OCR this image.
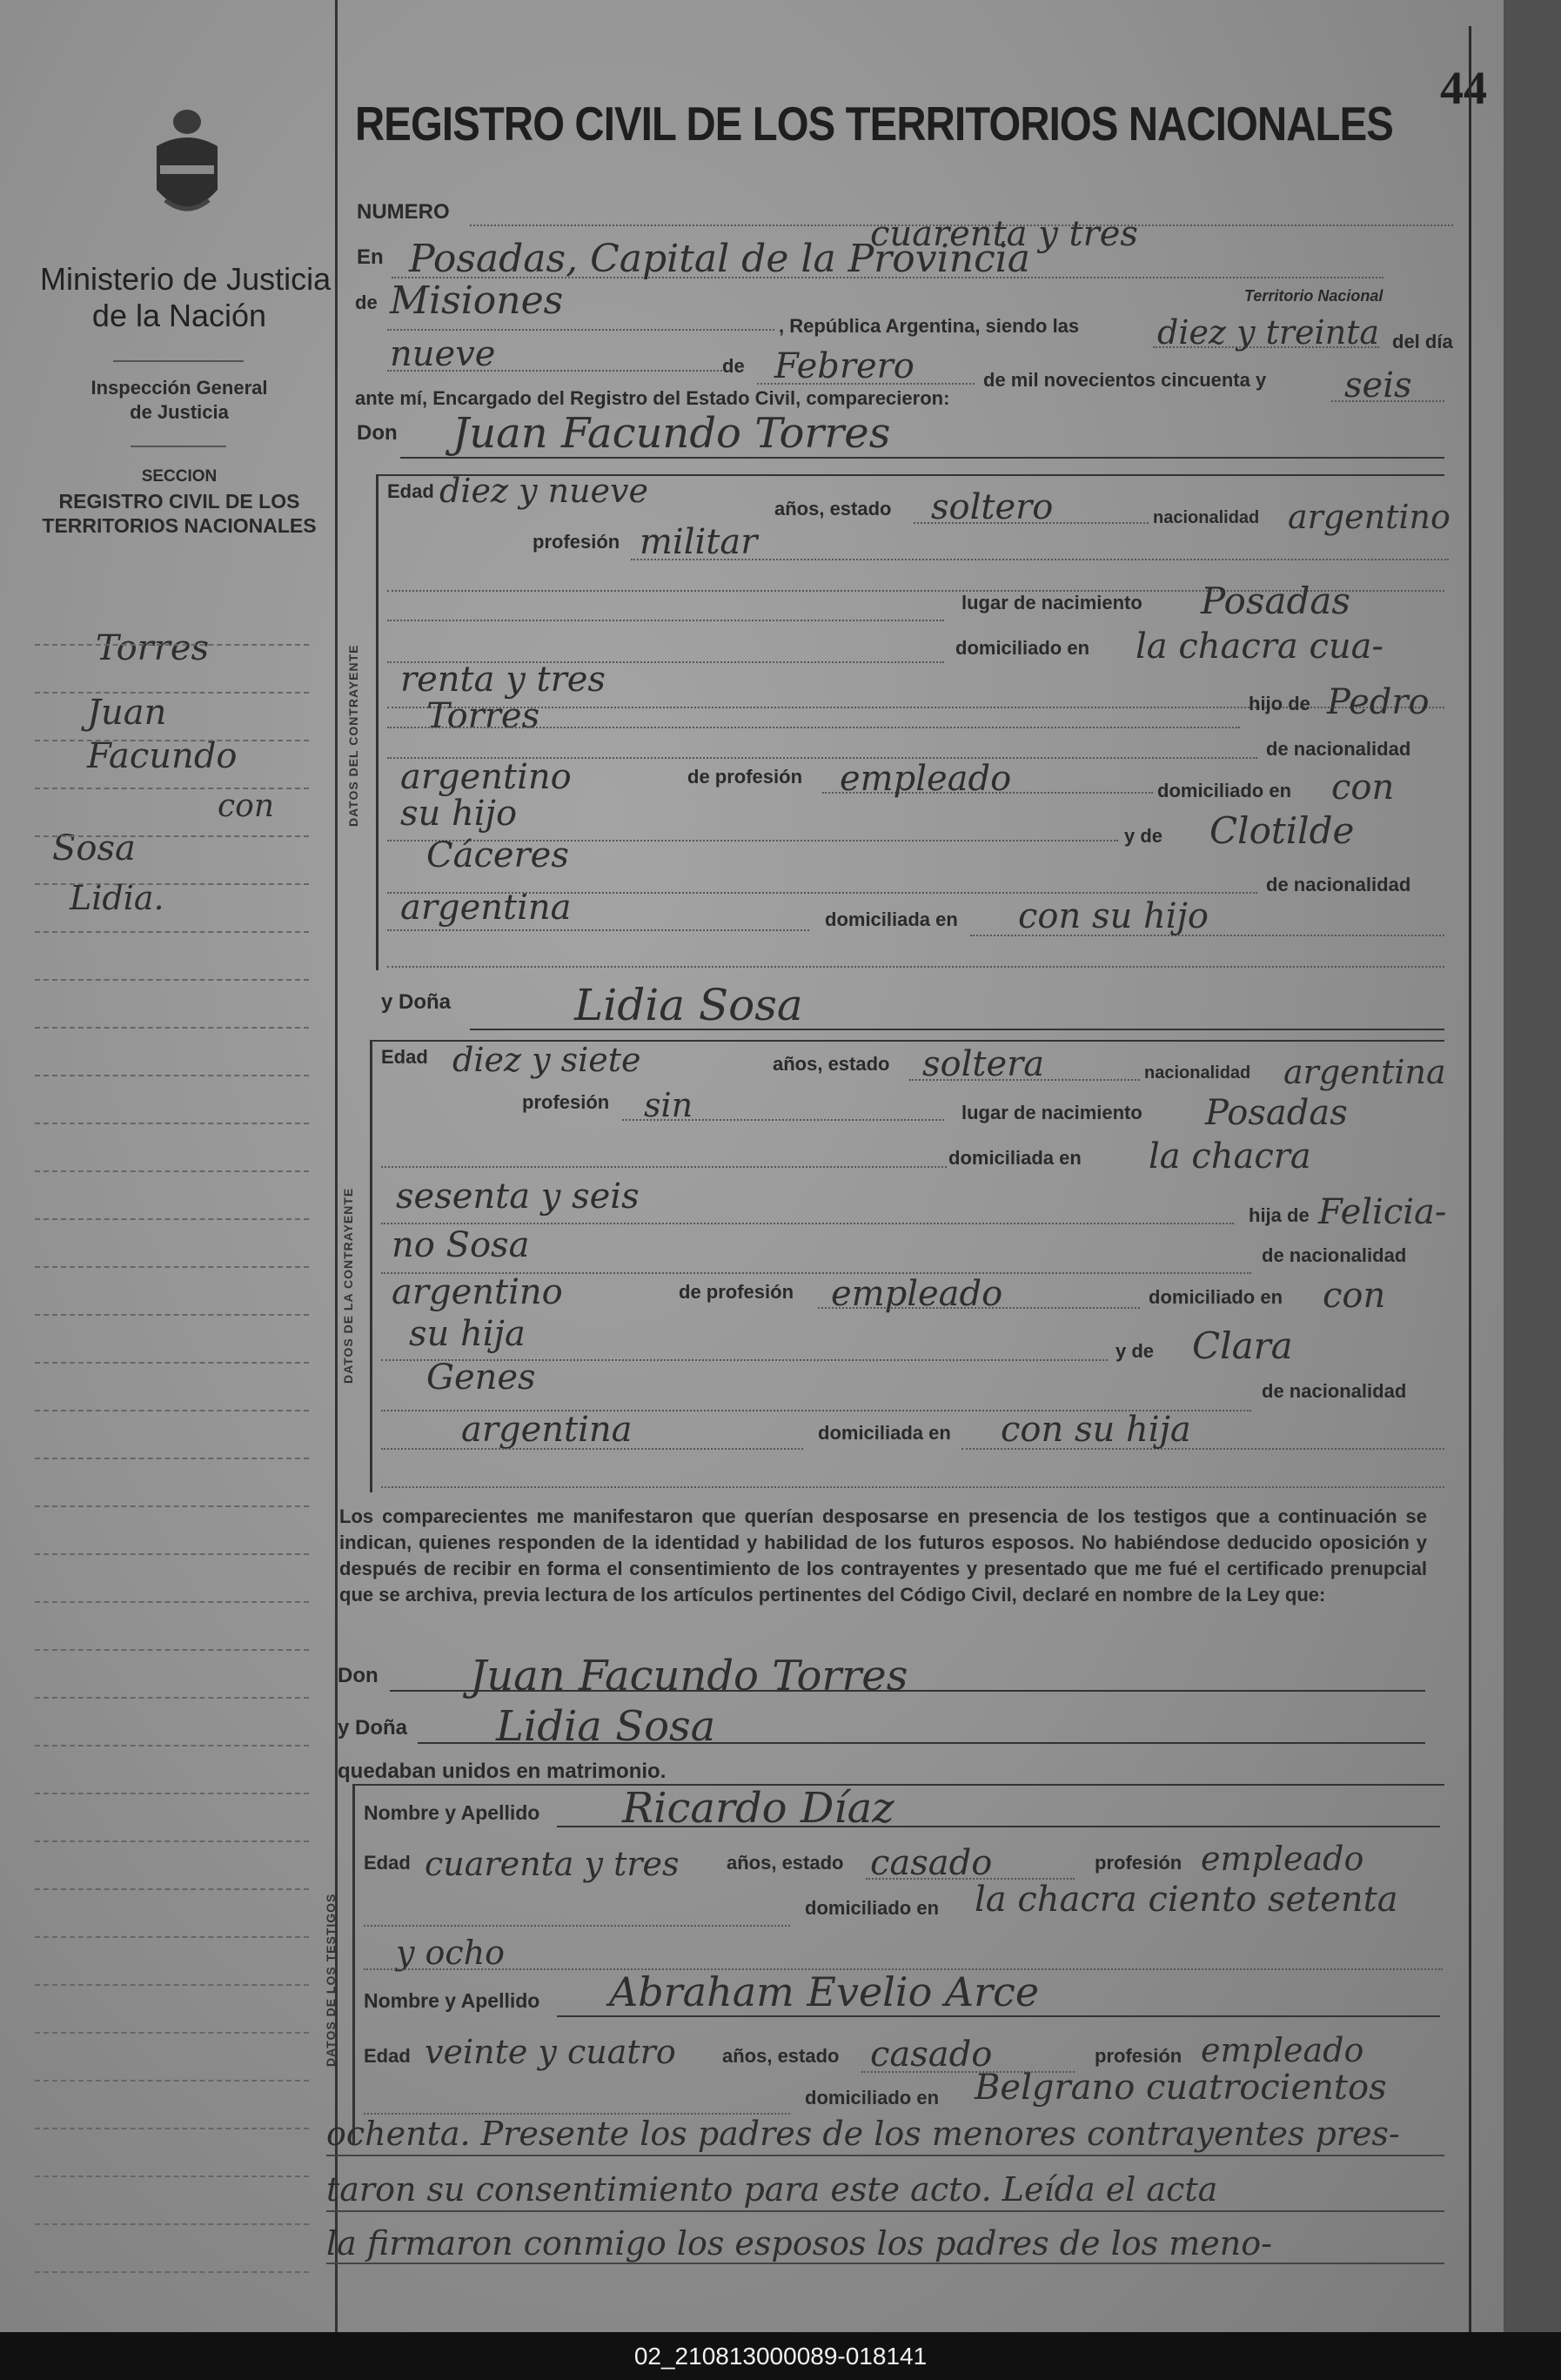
Ministerio de Justicia
de la Nación
Inspección General
de Justicia
SECCION
REGISTRO CIVIL DE LOS
TERRITORIOS NACIONALES
Torres
Juan
Facundo
con
Sosa
Lidia.
REGISTRO CIVIL DE LOS TERRITORIOS NACIONALES
44
NUMERO
cuarenta y tres
En Posadas, Capital de la Provincia
Territorio Nacional
de Misiones
, República Argentina, siendo las diez y treinta del día
nueve	de Febrero	de mil novecientos cincuenta y seis
ante mí, Encargado del Registro del Estado Civil, comparecieron:
Don Juan Facundo Torres
DATOS DEL CONTRAYENTE
Edad diez y nueve	años, estado soltero	nacionalidad argentino
profesión militar
lugar de nacimiento Posadas
domiciliado en la chacra cua-
renta y tres
Torres	hijo de Pedro
de nacionalidad
argentino	de profesión empleado	domiciliado en con
su hijo
y de Clotilde
Cáceres
de nacionalidad
argentina	domiciliada en con su hijo
y Doña	Lidia Sosa
DATOS DE LA CONTRAYENTE
Edad diez y siete	años, estado soltera	nacionalidad argentina
profesión sin	lugar de nacimiento Posadas
domiciliada en la chacra
sesenta y seis	hija de Felicia-
no Sosa	de nacionalidad
argentino	de profesión empleado	domiciliado en con
su hija	y de Clara
Genes	de nacionalidad
argentina	domiciliada en con su hija
Los comparecientes me manifestaron que querían desposarse en presencia de los testigos que a continuación se indican, quienes responden de la identidad y habilidad de los futuros esposos. No habiéndose deducido oposición y después de recibir en forma el consentimiento de los contrayentes y presentado que me fué el certificado prenupcial que se archiva, previa lectura de los artículos pertinentes del Código Civil, declaré en nombre de la Ley que:
Don Juan Facundo Torres
y Doña Lidia Sosa
quedaban unidos en matrimonio.
DATOS DE LOS TESTIGOS
Nombre y Apellido Ricardo Díaz
Edad cuarenta y tres años, estado casado	profesión empleado
domiciliado en la chacra ciento setenta
y ocho
Nombre y Apellido Abraham Evelio Arce
Edad veinte y cuatro años, estado casado	profesión empleado
domiciliado en Belgrano cuatrocientos
ochenta. Presente los padres de los menores contrayentes pres-
taron su consentimiento para este acto. Leída el acta
la firmaron conmigo los esposos los padres de los meno-
02_210813000089-018141
